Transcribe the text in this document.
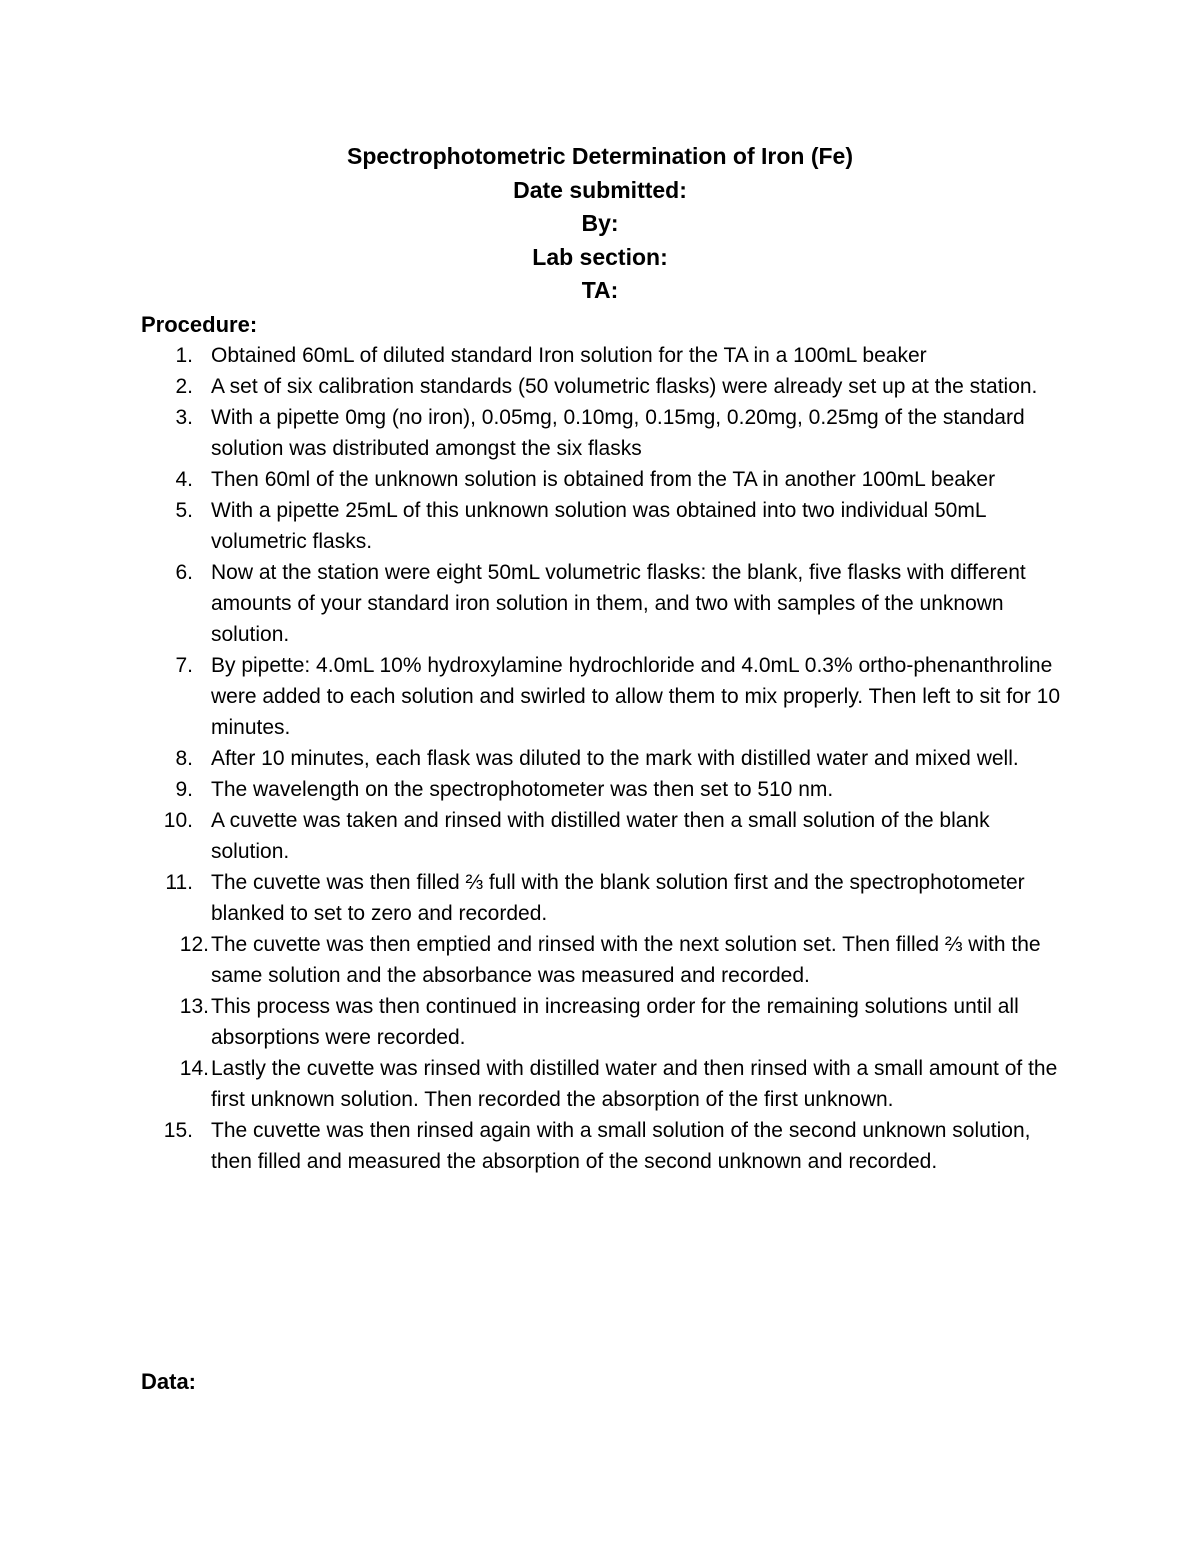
Spectrophotometric Determination of Iron (Fe)
Date submitted:
By:
Lab section:
TA:
Procedure:
1. Obtained 60mL of diluted standard Iron solution for the TA in a 100mL beaker
2. A set of six calibration standards (50 volumetric flasks) were already set up at the station.
3. With a pipette 0mg (no iron), 0.05mg, 0.10mg, 0.15mg, 0.20mg, 0.25mg of the standard solution was distributed amongst the six flasks
4. Then 60ml of the unknown solution is obtained from the TA in another 100mL beaker
5. With a pipette 25mL of this unknown solution was obtained into two individual 50mL volumetric flasks.
6. Now at the station were eight 50mL volumetric flasks: the blank, five flasks with different amounts of your standard iron solution in them, and two with samples of the unknown solution.
7. By pipette: 4.0mL 10% hydroxylamine hydrochloride and 4.0mL 0.3% ortho-phenanthroline were added to each solution and swirled to allow them to mix properly. Then left to sit for 10 minutes.
8. After 10 minutes, each flask was diluted to the mark with distilled water and mixed well.
9. The wavelength on the spectrophotometer was then set to 510 nm.
10. A cuvette was taken and rinsed with distilled water then a small solution of the blank solution.
11. The cuvette was then filled ⅔ full with the blank solution first and the spectrophotometer blanked to set to zero and recorded.
12. The cuvette was then emptied and rinsed with the next solution set. Then filled ⅔ with the same solution and the absorbance was measured and recorded.
13. This process was then continued in increasing order for the remaining solutions until all absorptions were recorded.
14. Lastly the cuvette was rinsed with distilled water and then rinsed with a small amount of the first unknown solution. Then recorded the absorption of the first unknown.
15. The cuvette was then rinsed again with a small solution of the second unknown solution, then filled and measured the absorption of the second unknown and recorded.
Data:
